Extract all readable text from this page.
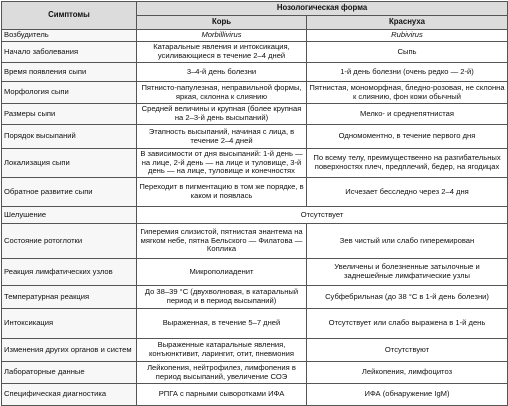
Симптомы	Нозологическая форма	
	Корь	Краснуха
Возбудитель	Morbillivirus	Rubivirus
Начало заболевания	Катаральные явления и интоксикация, усиливающиеся в течение 2–4 дней	Сыпь
Время появления сыпи	3–4-й день болезни	1-й день болезни (очень редко — 2-й)
Морфология сыпи	Пятнисто-папулезная, неправильной формы, яркая, склонна к слиянию	Пятнистая, мономорфная, бледно-розовая, не склонна к слиянию, фон кожи обычный
Размеры сыпи	Средней величины и крупная (более крупная на 2–3-й день высыпаний)	Мелко- и среднепятнистая
Порядок высыпаний	Этапность высыпаний, начиная с лица, в течение 2–4 дней	Одномоментно, в течение первого дня
Локализация сыпи	В зависимости от дня высыпаний: 1-й день — на лице, 2-й день — на лице и туловище, 3-й день — на лице, туловище и конечностях	По всему телу, преимущественно на разгибательных поверхностях плеч, предплечий, бедер, на ягодицах
Обратное развитие сыпи	Переходит в пигментацию в том же порядке, в каком и появлась	Исчезает бесследно через 2–4 дня
Шелушение	Отсутствует	
Состояние ротоглотки	Гиперемия слизистой, пятнистая энантема на мягком небе, пятна Бельского — Филатова — Коплика	Зев чистый или слабо гиперемирован
Реакция лимфатических узлов	Микрополиаденит	Увеличены и болезненные затылочные и заднешейные лимфатические узлы
Температурная реакция	До 38–39 °С (двухволновая, в катаральный период и в период высыпаний)	Субфебрильная (до 38 °С в 1-й день болезни)
Интоксикация	Выраженная, в течение 5–7 дней	Отсутствует или слабо выражена в 1-й день
Изменения других органов и систем	Выраженные катаральные явления, конъюнктивит, ларингит, отит, пневмония	Отсутствуют
Лабораторные данные	Лейкопения, нейтрофилез, лимфопения в период высыпаний, увеличение СОЭ	Лейкопения, лимфоцитоз
Специфическая диагностика	РПГА с парными сыворотками ИФА	ИФА (обнаружение IgM)
